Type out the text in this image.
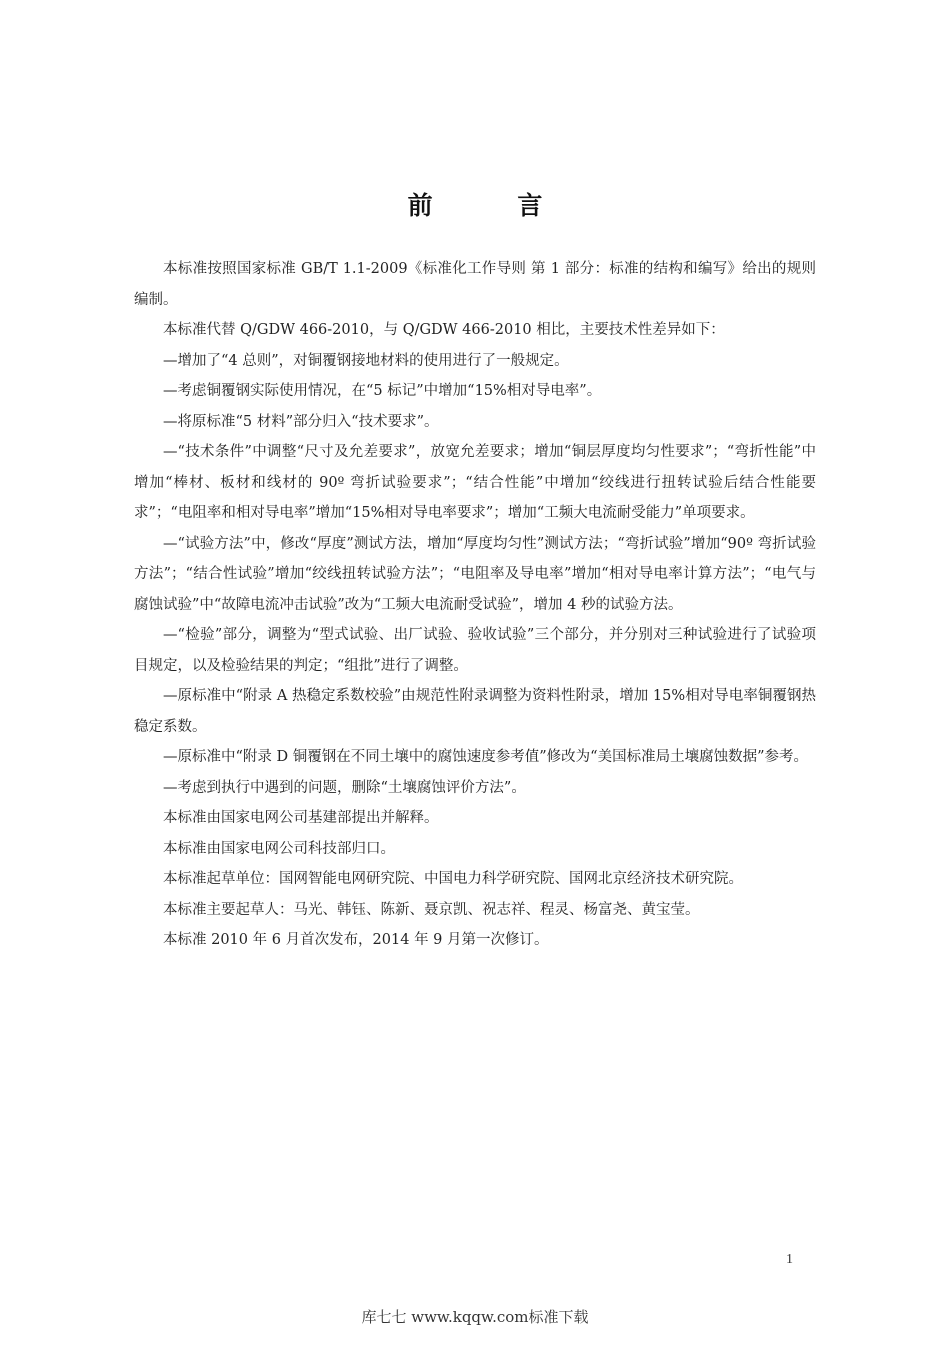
前 言

本标准按照国家标准 GB/T 1.1-2009《标准化工作导则 第 1 部分：标准的结构和编写》给出的规则编制。

本标准代替 Q/GDW 466-2010，与 Q/GDW 466-2010 相比，主要技术性差异如下：

—增加了“4 总则”，对铜覆钢接地材料的使用进行了一般规定。

—考虑铜覆钢实际使用情况，在“5 标记”中增加“15%相对导电率”。

—将原标准“5 材料”部分归入“技术要求”。

—“技术条件”中调整“尺寸及允差要求”，放宽允差要求；增加“铜层厚度均匀性要求”；“弯折性能”中增加“棒材、板材和线材的 90º 弯折试验要求”；“结合性能”中增加“绞线进行扭转试验后结合性能要求”；“电阻率和相对导电率”增加“15%相对导电率要求”；增加“工频大电流耐受能力”单项要求。

—“试验方法”中，修改“厚度”测试方法，增加“厚度均匀性”测试方法；“弯折试验”增加“90º 弯折试验方法”；“结合性试验”增加“绞线扭转试验方法”；“电阻率及导电率”增加“相对导电率计算方法”；“电气与腐蚀试验”中“故障电流冲击试验”改为“工频大电流耐受试验”，增加 4 秒的试验方法。

—“检验”部分，调整为“型式试验、出厂试验、验收试验”三个部分，并分别对三种试验进行了试验项目规定，以及检验结果的判定；“组批”进行了调整。

—原标准中“附录 A 热稳定系数校验”由规范性附录调整为资料性附录，增加 15%相对导电率铜覆钢热稳定系数。

—原标准中“附录 D 铜覆钢在不同土壤中的腐蚀速度参考值”修改为“美国标准局土壤腐蚀数据”参考。

—考虑到执行中遇到的问题，删除“土壤腐蚀评价方法”。

本标准由国家电网公司基建部提出并解释。

本标准由国家电网公司科技部归口。

本标准起草单位：国网智能电网研究院、中国电力科学研究院、国网北京经济技术研究院。

本标准主要起草人：马光、韩钰、陈新、聂京凯、祝志祥、程灵、杨富尧、黄宝莹。

本标准 2010 年 6 月首次发布，2014 年 9 月第一次修订。

1
库七七 www.kqqw.com标准下载
